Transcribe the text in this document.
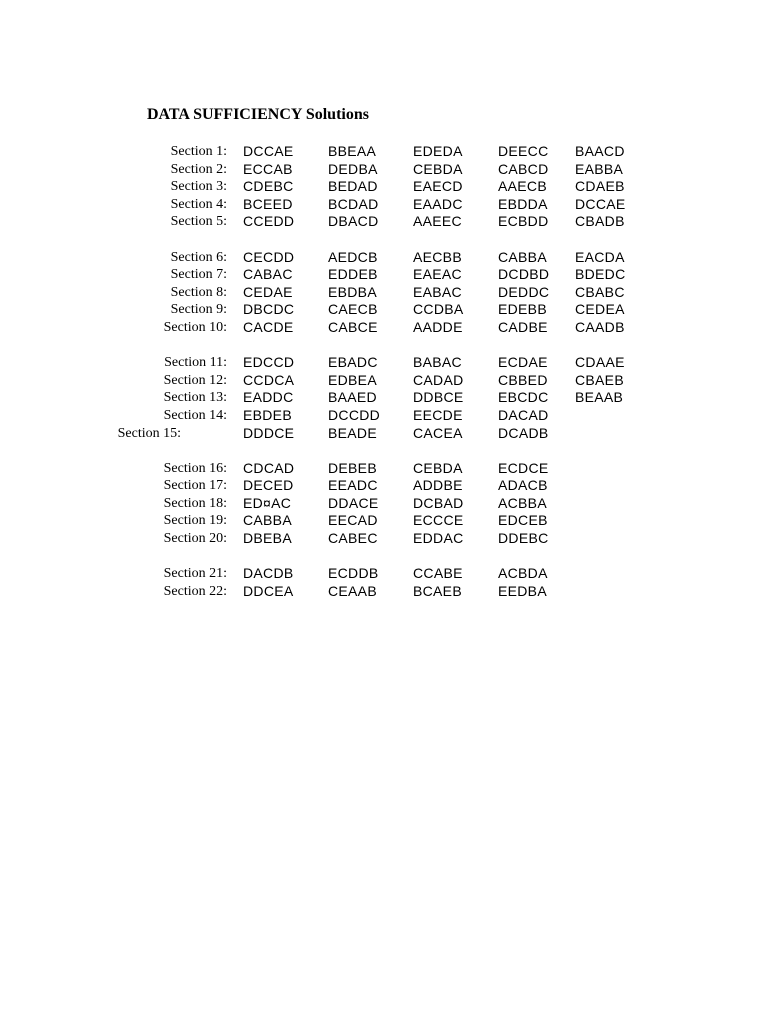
DATA SUFFICIENCY Solutions
Section 1: DCCAE BBEAA	EDEDA	DEECC BAACD
Section 2: ECCAB	DEDBA	CEBDA	CABCD EABBA
Section 3: CDEBC BEDAD	EAECD	AAECB CDAEB
Section 4: BCEED	BCDAD EAADC	EBDDA DCCAE
Section 5: CCEDD DBACD AAEEC	ECBDD CBADB
Section 6: CECDD AEDCB	AECBB	CABBA EACDA
Section 7: CABAC	EDDEB	EAEAC	DCDBD BDEDC
Section 8: CEDAE	EBDBA	EABAC	DEDDC CBABC
Section 9: DBCDC CAECB	CCDBA EDEBB CEDEA
Section 10: CACDE CABCE	AADDE	CADBE CAADB
Section 11: EDCCD EBADC	BABAC	ECDAE CDAAE
Section 12: CCDCA EDBEA	CADAD CBBED CBAEB
Section 13: EADDC BAAED	DDBCE EBCDC BEAAB
Section 14: EBDEB	DCCDD EECDE	DACAD
Section 15:	DDDCE BEADE	CACEA	DCADB
Section 16: CDCAD DEBEB	CEBDA	ECDCE
Section 17: DECED EEADC	ADDBE	ADACB
Section 18: ED¤AC	DDACE DCBAD ACBBA
Section 19: CABBA	EECAD	ECCCE EDCEB
Section 20: DBEBA	CABEC	EDDAC DDEBC
Section 21: DACDB ECDDB CCABE	ACBDA
Section 22: DDCEA CEAAB	BCAEB	EEDBA
